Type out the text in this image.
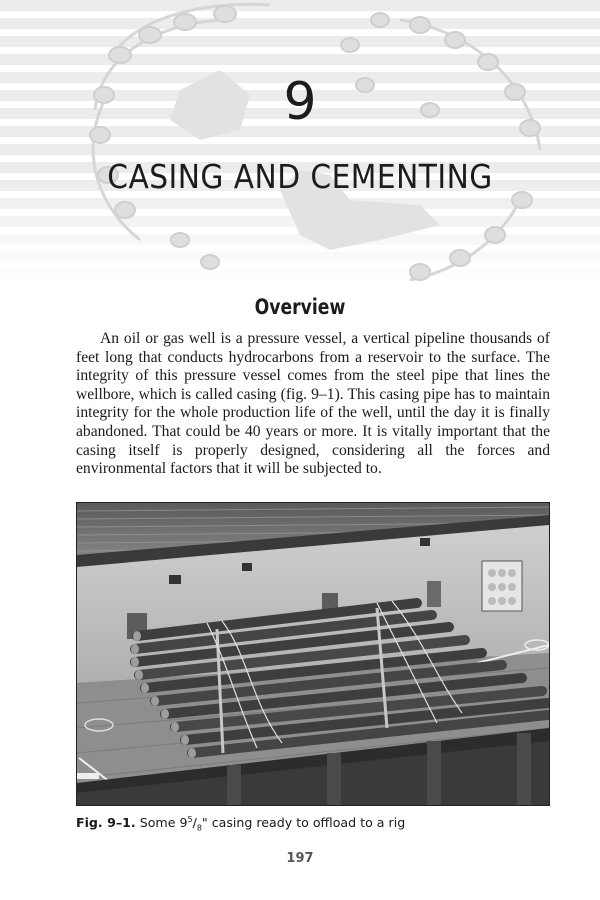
9
CASING AND CEMENTING
Overview

An oil or gas well is a pressure vessel, a vertical pipeline thousands of feet long that conducts hydrocarbons from a reservoir to the surface. The integrity of this pressure vessel comes from the steel pipe that lines the wellbore, which is called casing (fig. 9–1). This casing pipe has to maintain integrity for the whole production life of the well, until the day it is finally abandoned. That could be 40 years or more. It is vitally important that the casing itself is properly designed, considering all the forces and environmental factors that it will be subjected to.

Fig. 9–1. Some $9^5/_8$" casing ready to offload to a rig
197
